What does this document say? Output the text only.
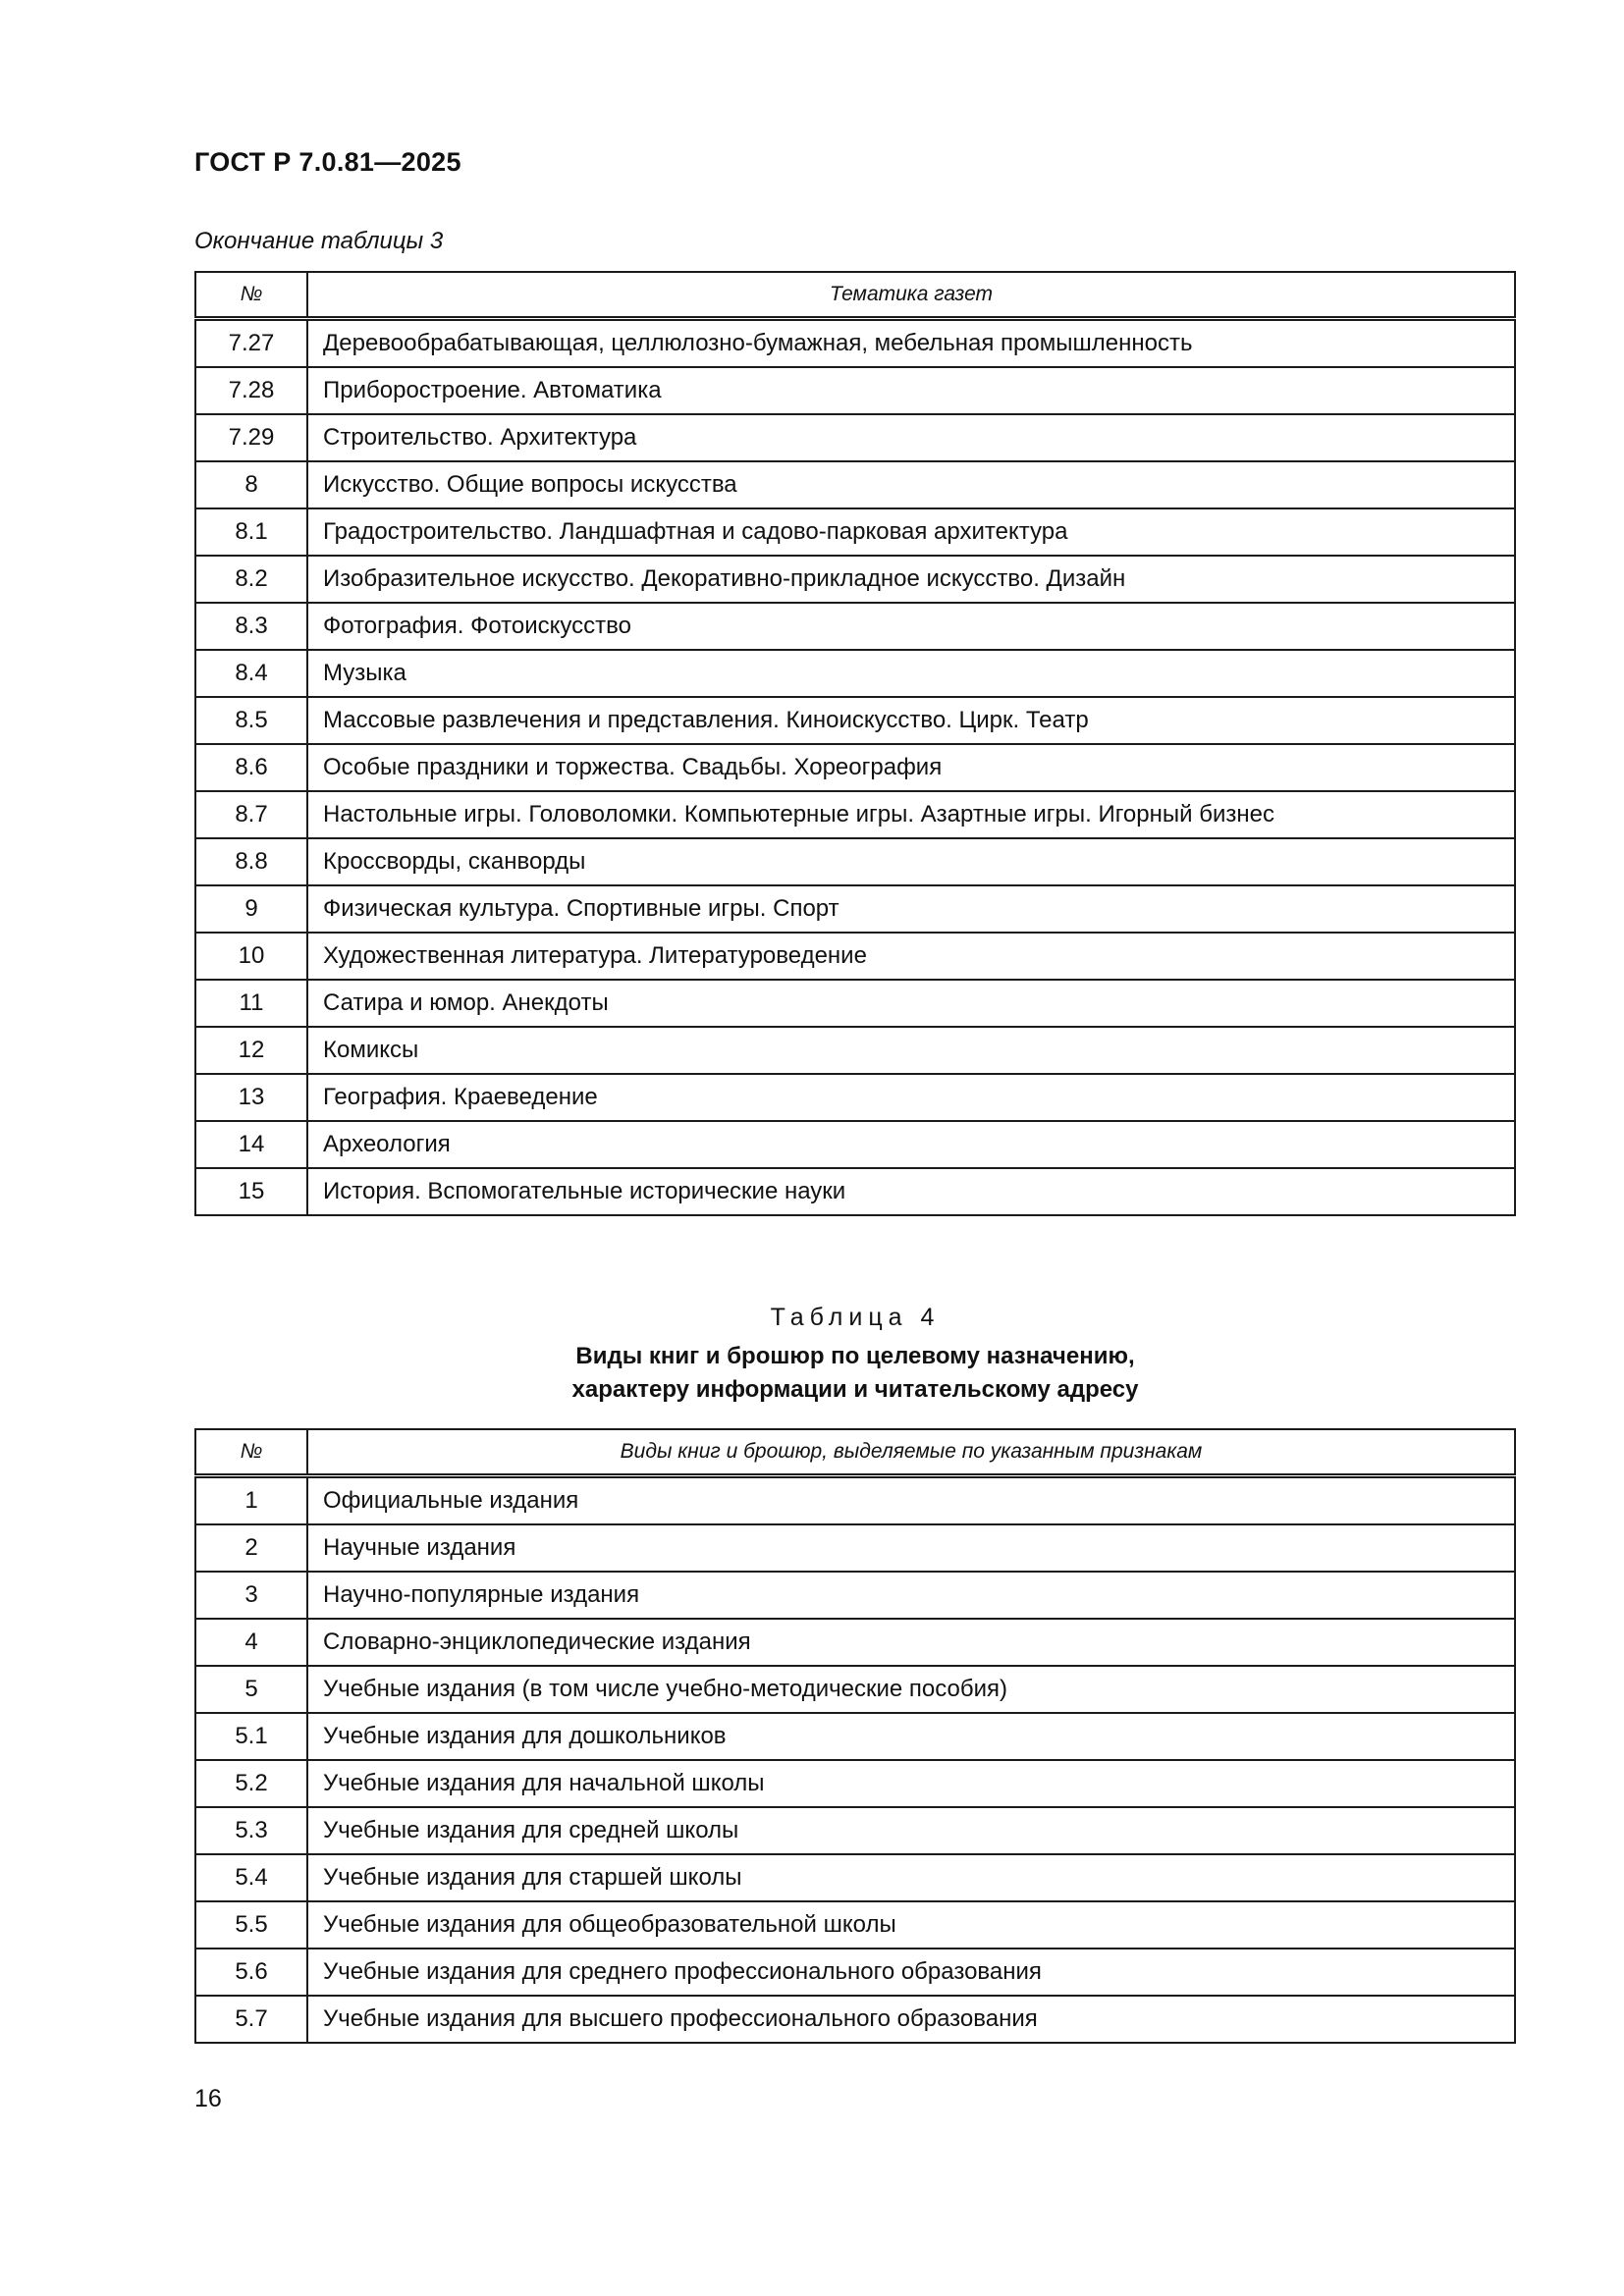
ГОСТ Р 7.0.81—2025
Окончание таблицы 3
№	Тематика газет
7.27	Деревообрабатывающая, целлюлозно-бумажная, мебельная промышленность
7.28	Приборостроение. Автоматика
7.29	Строительство. Архитектура
8	Искусство. Общие вопросы искусства
8.1	Градостроительство. Ландшафтная и садово-парковая архитектура
8.2	Изобразительное искусство. Декоративно-прикладное искусство. Дизайн
8.3	Фотография. Фотоискусство
8.4	Музыка
8.5	Массовые развлечения и представления. Киноискусство. Цирк. Театр
8.6	Особые праздники и торжества. Свадьбы. Хореография
8.7	Настольные игры. Головоломки. Компьютерные игры. Азартные игры. Игорный бизнес
8.8	Кроссворды, сканворды
9	Физическая культура. Спортивные игры. Спорт
10	Художественная литература. Литературоведение
11	Сатира и юмор. Анекдоты
12	Комиксы
13	География. Краеведение
14	Археология
15	История. Вспомогательные исторические науки
Таблица 4
Виды книг и брошюр по целевому назначению,
характеру информации и читательскому адресу
№	Виды книг и брошюр, выделяемые по указанным признакам
1	Официальные издания
2	Научные издания
3	Научно-популярные издания
4	Словарно-энциклопедические издания
5	Учебные издания (в том числе учебно-методические пособия)
5.1	Учебные издания для дошкольников
5.2	Учебные издания для начальной школы
5.3	Учебные издания для средней школы
5.4	Учебные издания для старшей школы
5.5	Учебные издания для общеобразовательной школы
5.6	Учебные издания для среднего профессионального образования
5.7	Учебные издания для высшего профессионального образования
16
